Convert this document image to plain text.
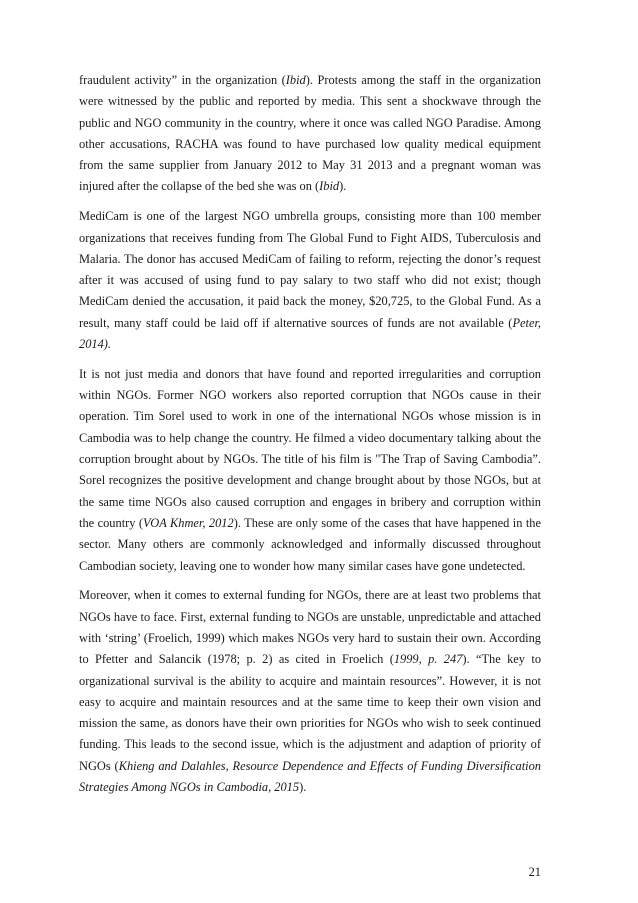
fraudulent activity” in the organization (Ibid). Protests among the staff in the organization were witnessed by the public and reported by media. This sent a shockwave through the public and NGO community in the country, where it once was called NGO Paradise. Among other accusations, RACHA was found to have purchased low quality medical equipment from the same supplier from January 2012 to May 31 2013 and a pregnant woman was injured after the collapse of the bed she was on (Ibid).

MediCam is one of the largest NGO umbrella groups, consisting more than 100 member organizations that receives funding from The Global Fund to Fight AIDS, Tuberculosis and Malaria. The donor has accused MediCam of failing to reform, rejecting the donor’s request after it was accused of using fund to pay salary to two staff who did not exist; though MediCam denied the accusation, it paid back the money, $20,725, to the Global Fund. As a result, many staff could be laid off if alternative sources of funds are not available (Peter, 2014).

It is not just media and donors that have found and reported irregularities and corruption within NGOs. Former NGO workers also reported corruption that NGOs cause in their operation. Tim Sorel used to work in one of the international NGOs whose mission is in Cambodia was to help change the country. He filmed a video documentary talking about the corruption brought about by NGOs. The title of his film is "The Trap of Saving Cambodia”. Sorel recognizes the positive development and change brought about by those NGOs, but at the same time NGOs also caused corruption and engages in bribery and corruption within the country (VOA Khmer, 2012). These are only some of the cases that have happened in the sector. Many others are commonly acknowledged and informally discussed throughout Cambodian society, leaving one to wonder how many similar cases have gone undetected.

Moreover, when it comes to external funding for NGOs, there are at least two problems that NGOs have to face. First, external funding to NGOs are unstable, unpredictable and attached with ‘string’ (Froelich, 1999) which makes NGOs very hard to sustain their own. According to Pfetter and Salancik (1978; p. 2) as cited in Froelich (1999, p. 247). “The key to organizational survival is the ability to acquire and maintain resources”. However, it is not easy to acquire and maintain resources and at the same time to keep their own vision and mission the same, as donors have their own priorities for NGOs who wish to seek continued funding. This leads to the second issue, which is the adjustment and adaption of priority of NGOs (Khieng and Dalahles, Resource Dependence and Effects of Funding Diversification Strategies Among NGOs in Cambodia, 2015).

21
